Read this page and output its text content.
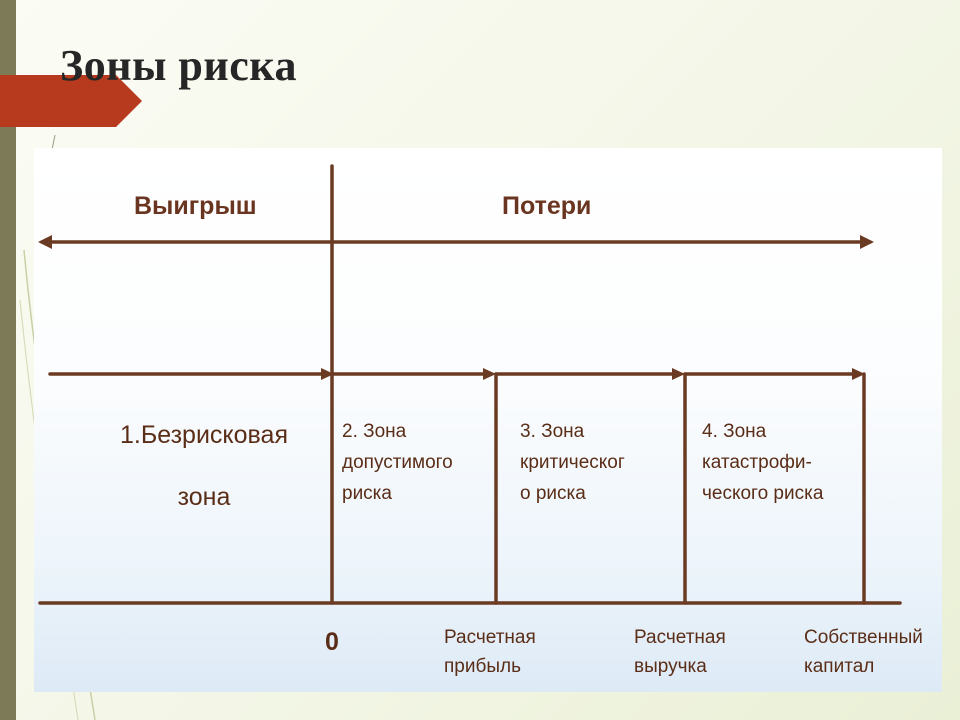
Зоны риска
Выигрыш	Потери
1.Безрисковая
зона
2. Зона
допустимого
риска
3. Зона
критическог
о риска
4. Зона
катастрофи-
ческого риска
0	Расчетная
прибыль
Расчетная
выручка
Собственный
капитал
